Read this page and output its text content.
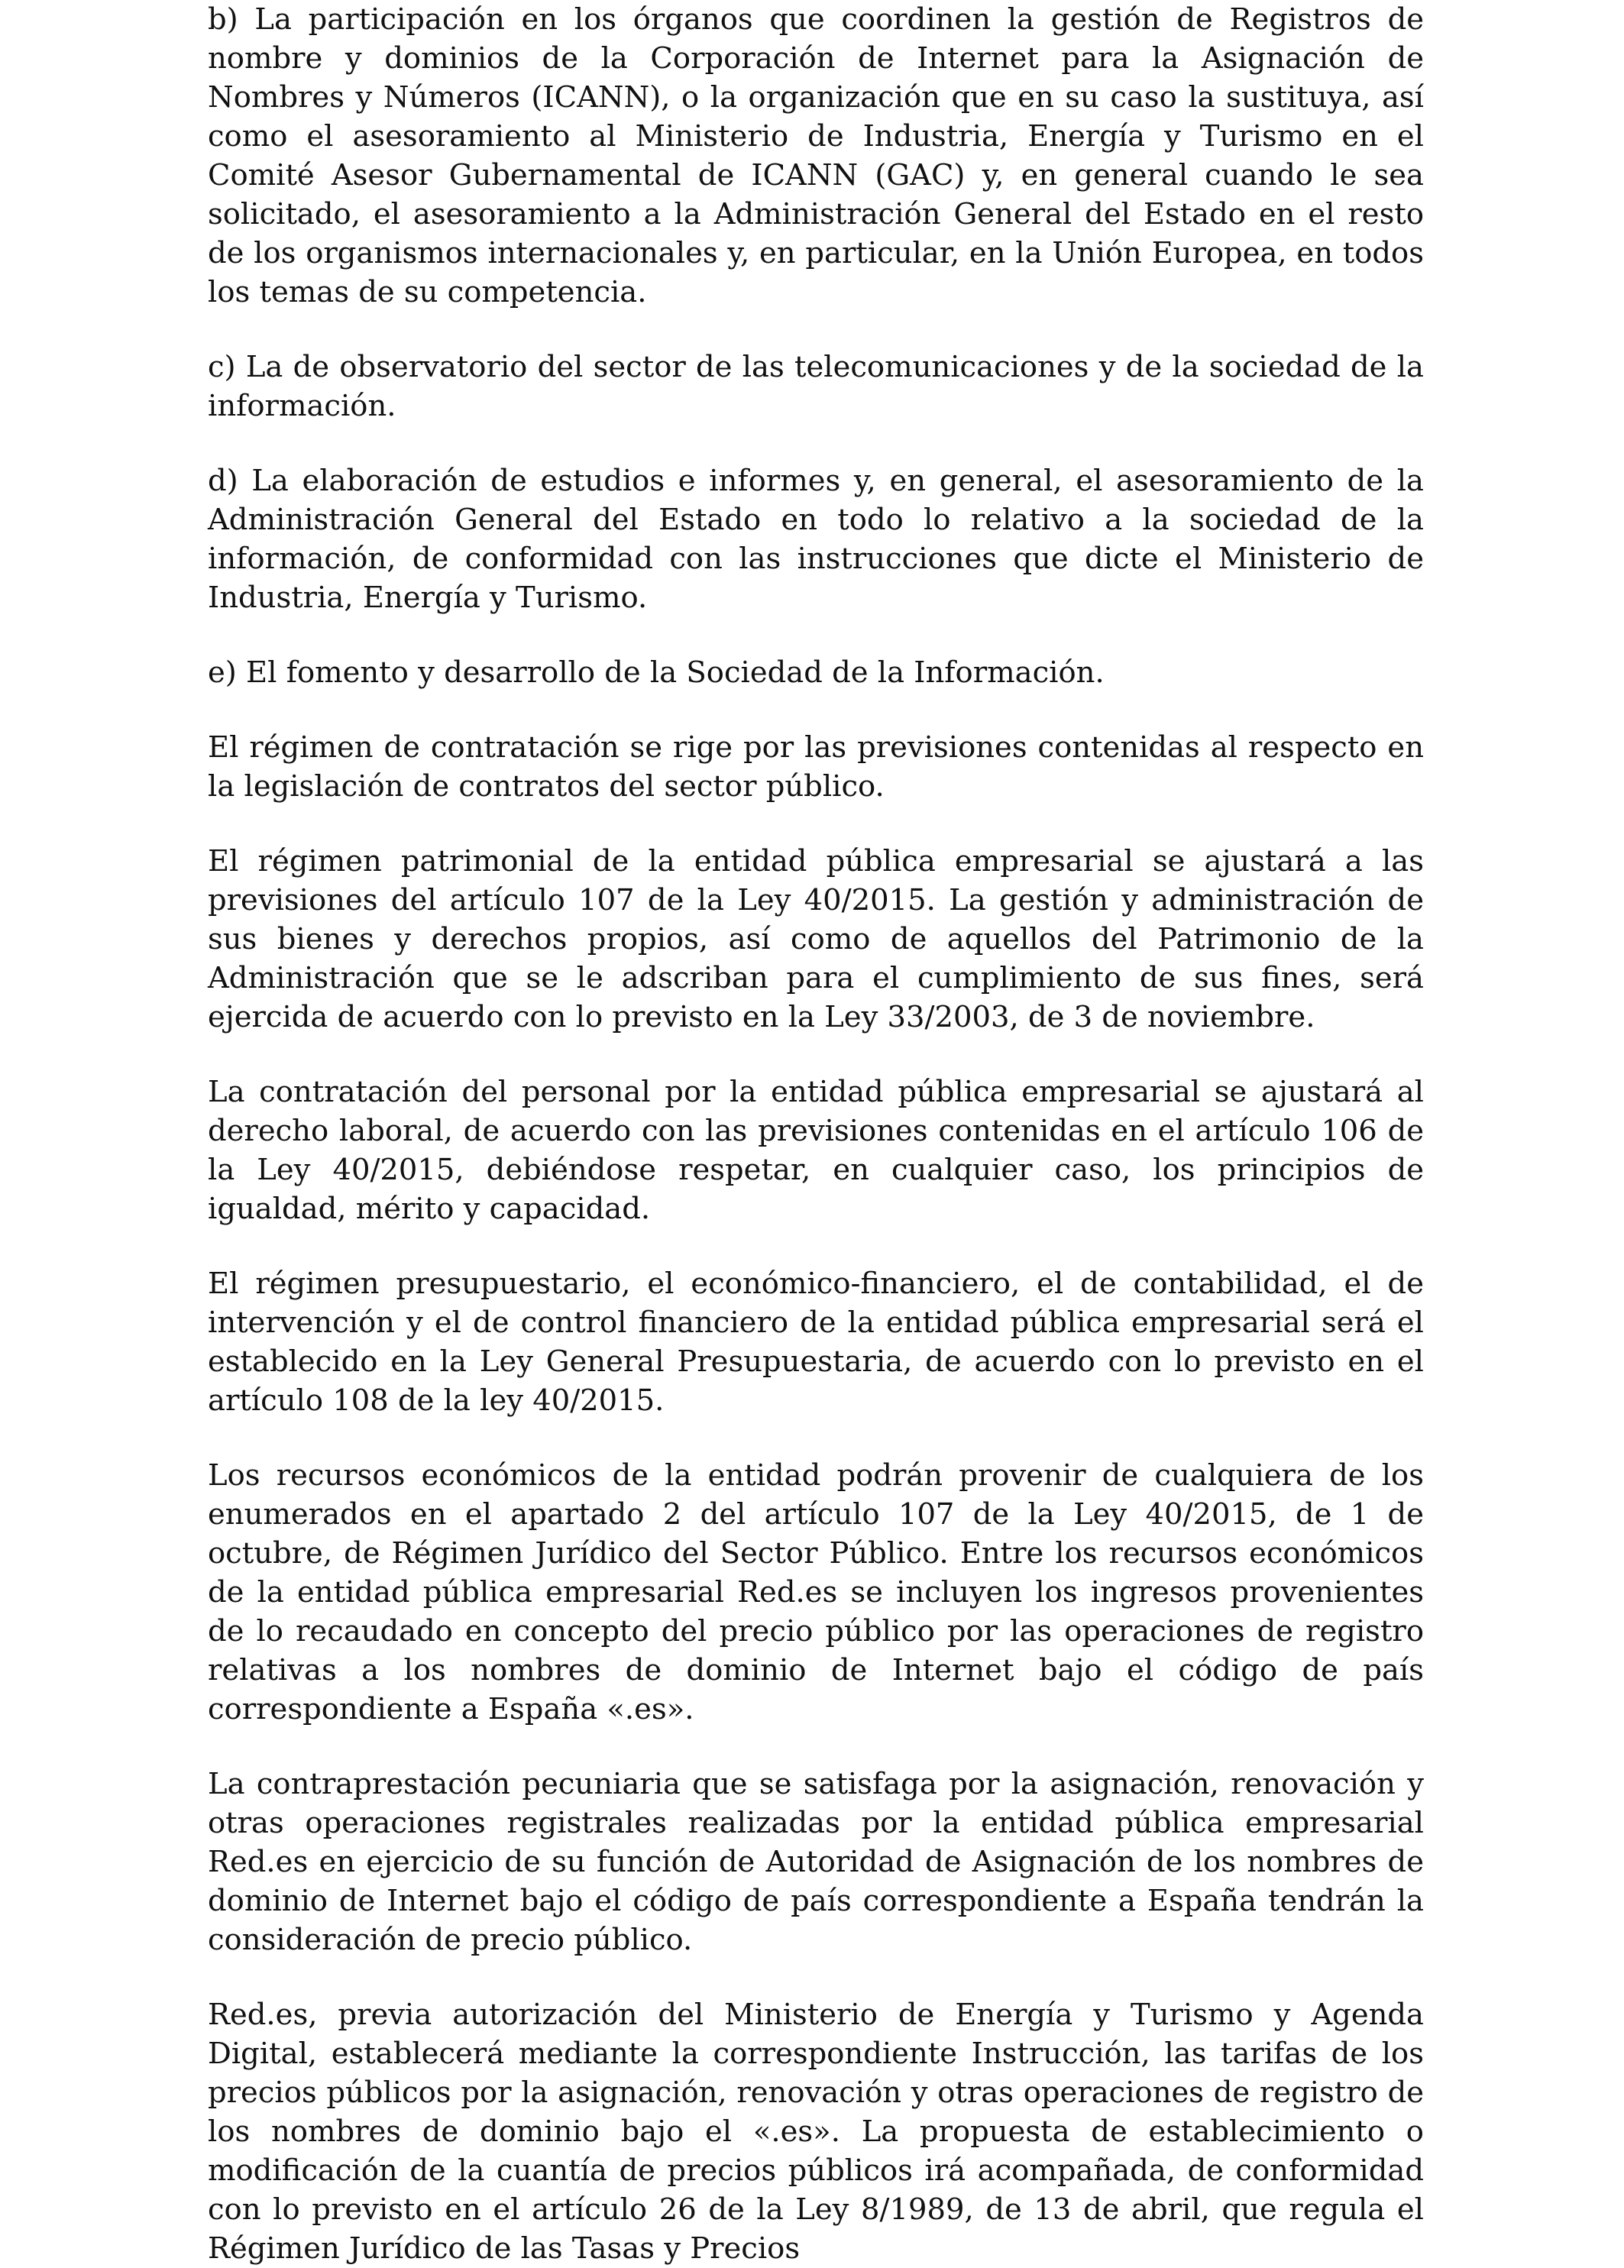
b) La participación en los órganos que coordinen la gestión de Registros de nombre y dominios de la Corporación de Internet para la Asignación de Nombres y Números (ICANN), o la organización que en su caso la sustituya, así como el asesoramiento al Ministerio de Industria, Energía y Turismo en el Comité Asesor Gubernamental de ICANN (GAC) y, en general cuando le sea solicitado, el asesoramiento a la Administración General del Estado en el resto de los organismos internacionales y, en particular, en la Unión Europea, en todos los temas de su competencia.

c) La de observatorio del sector de las telecomunicaciones y de la sociedad de la información.

d) La elaboración de estudios e informes y, en general, el asesoramiento de la Administración General del Estado en todo lo relativo a la sociedad de la información, de conformidad con las instrucciones que dicte el Ministerio de Industria, Energía y Turismo.

e) El fomento y desarrollo de la Sociedad de la Información.

El régimen de contratación se rige por las previsiones contenidas al respecto en la legislación de contratos del sector público.

El régimen patrimonial de la entidad pública empresarial se ajustará a las previsiones del artículo 107 de la Ley 40/2015. La gestión y administración de sus bienes y derechos propios, así como de aquellos del Patrimonio de la Administración que se le adscriban para el cumplimiento de sus fines, será ejercida de acuerdo con lo previsto en la Ley 33/2003, de 3 de noviembre.

La contratación del personal por la entidad pública empresarial se ajustará al derecho laboral, de acuerdo con las previsiones contenidas en el artículo 106 de la Ley 40/2015, debiéndose respetar, en cualquier caso, los principios de igualdad, mérito y capacidad.

El régimen presupuestario, el económico-financiero, el de contabilidad, el de intervención y el de control financiero de la entidad pública empresarial será el establecido en la Ley General Presupuestaria, de acuerdo con lo previsto en el artículo 108 de la ley 40/2015.

Los recursos económicos de la entidad podrán provenir de cualquiera de los enumerados en el apartado 2 del artículo 107 de la Ley 40/2015, de 1 de octubre, de Régimen Jurídico del Sector Público. Entre los recursos económicos de la entidad pública empresarial Red.es se incluyen los ingresos provenientes de lo recaudado en concepto del precio público por las operaciones de registro relativas a los nombres de dominio de Internet bajo el código de país correspondiente a España «.es».

La contraprestación pecuniaria que se satisfaga por la asignación, renovación y otras operaciones registrales realizadas por la entidad pública empresarial Red.es en ejercicio de su función de Autoridad de Asignación de los nombres de dominio de Internet bajo el código de país correspondiente a España tendrán la consideración de precio público.

Red.es, previa autorización del Ministerio de Energía y Turismo y Agenda Digital, establecerá mediante la correspondiente Instrucción, las tarifas de los precios públicos por la asignación, renovación y otras operaciones de registro de los nombres de dominio bajo el «.es». La propuesta de establecimiento o modificación de la cuantía de precios públicos irá acompañada, de conformidad con lo previsto en el artículo 26 de la Ley 8/1989, de 13 de abril, que regula el Régimen Jurídico de las Tasas y Precios
